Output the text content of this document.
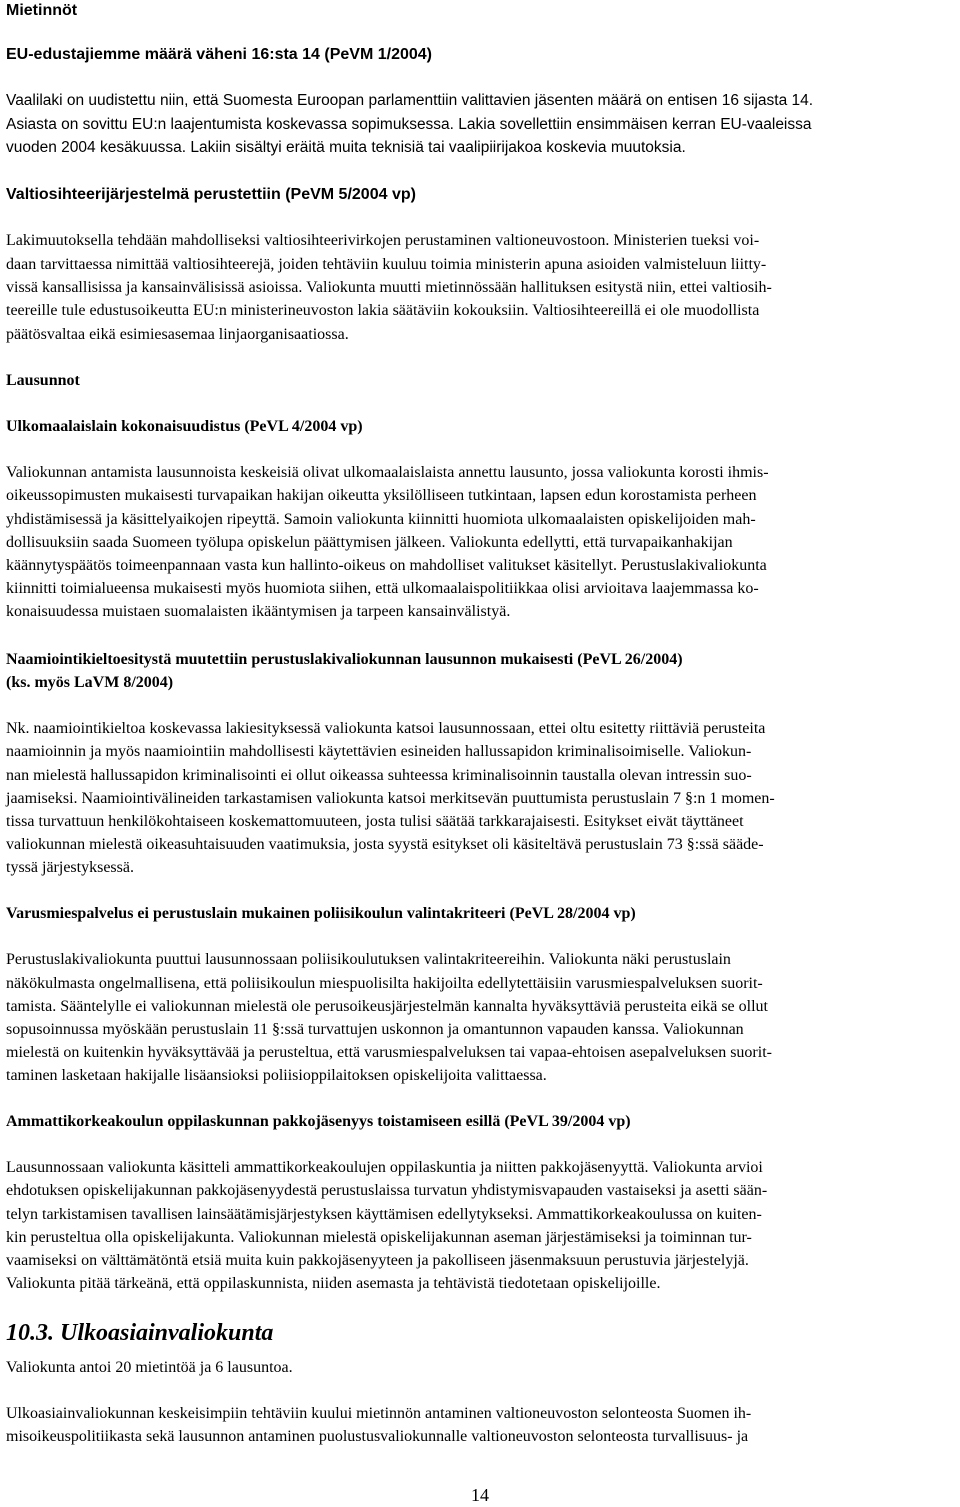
Mietinnöt
EU-edustajiemme määrä väheni 16:sta 14 (PeVM 1/2004)
Vaalilaki on uudistettu niin, että Suomesta Euroopan parlamenttiin valittavien jäsenten määrä on entisen 16 sijasta 14.
Asiasta on sovittu EU:n laajentumista koskevassa sopimuksessa. Lakia sovellettiin ensimmäisen kerran EU-vaaleissa
vuoden 2004 kesäkuussa. Lakiin sisältyi eräitä muita teknisiä tai vaalipiirijakoa koskevia muutoksia.
Valtiosihteerijärjestelmä perustettiin (PeVM 5/2004 vp)
Lakimuutoksella tehdään mahdolliseksi valtiosihteerivirkojen perustaminen valtioneuvostoon. Ministerien tueksi voi-
daan tarvittaessa nimittää valtiosihteerejä, joiden tehtäviin kuuluu toimia ministerin apuna asioiden valmisteluun liitty-
vissä kansallisissa ja kansainvälisissä asioissa. Valiokunta muutti mietinnössään hallituksen esitystä niin, ettei valtiosih-
teereille tule edustusoikeutta EU:n ministerineuvoston lakia säätäviin kokouksiin. Valtiosihteereillä ei ole muodollista
päätösvaltaa eikä esimiesasemaa linjaorganisaatiossa.
Lausunnot
Ulkomaalaislain kokonaisuudistus (PeVL 4/2004 vp)
Valiokunnan antamista lausunnoista keskeisiä olivat ulkomaalaislaista annettu lausunto, jossa valiokunta korosti ihmis-
oikeussopimusten mukaisesti turvapaikan hakijan oikeutta yksilölliseen tutkintaan, lapsen edun korostamista perheen
yhdistämisessä ja käsittelyaikojen ripeyttä. Samoin valiokunta kiinnitti huomiota ulkomaalaisten opiskelijoiden mah-
dollisuuksiin saada Suomeen työlupa opiskelun päättymisen jälkeen. Valiokunta edellytti, että turvapaikanhakijan
käännytyspäätös toimeenpannaan vasta kun hallinto-oikeus on mahdolliset valitukset käsitellyt. Perustuslakivaliokunta
kiinnitti toimialueensa mukaisesti myös huomiota siihen, että ulkomaalaispolitiikkaa olisi arvioitava laajemmassa ko-
konaisuudessa muistaen suomalaisten ikääntymisen ja tarpeen kansainvälistyä.
Naamiointikieltoesitystä muutettiin perustuslakivaliokunnan lausunnon mukaisesti (PeVL 26/2004)
(ks. myös LaVM 8/2004)
Nk. naamiointikieltoa koskevassa lakiesityksessä valiokunta katsoi lausunnossaan, ettei oltu esitetty riittäviä perusteita
naamioinnin ja myös naamiointiin mahdollisesti käytettävien esineiden hallussapidon kriminalisoimiselle. Valiokun-
nan mielestä hallussapidon kriminalisointi ei ollut oikeassa suhteessa kriminalisoinnin taustalla olevan intressin suo-
jaamiseksi. Naamiointivälineiden tarkastamisen valiokunta katsoi merkitsevän puuttumista perustuslain 7 §:n 1 momen-
tissa turvattuun henkilökohtaiseen koskemattomuuteen, josta tulisi säätää tarkkarajaisesti. Esitykset eivät täyttäneet
valiokunnan mielestä oikeasuhtaisuuden vaatimuksia, josta syystä esitykset oli käsiteltävä perustuslain 73 §:ssä sääde-
tyssä järjestyksessä.
Varusmiespalvelus ei perustuslain mukainen poliisikoulun valintakriteeri (PeVL 28/2004 vp)
Perustuslakivaliokunta puuttui lausunnossaan poliisikoulutuksen valintakriteereihin. Valiokunta näki perustuslain
näkökulmasta ongelmallisena, että poliisikoulun miespuolisilta hakijoilta edellytettäisiin varusmiespalveluksen suorit-
tamista. Sääntelylle ei valiokunnan mielestä ole perusoikeusjärjestelmän kannalta hyväksyttäviä perusteita eikä se ollut
sopusoinnussa myöskään perustuslain 11 §:ssä turvattujen uskonnon ja omantunnon vapauden kanssa. Valiokunnan
mielestä on kuitenkin hyväksyttävää ja perusteltua, että varusmiespalveluksen tai vapaa-ehtoisen asepalveluksen suorit-
taminen lasketaan hakijalle lisäansioksi poliisioppilaitoksen opiskelijoita valittaessa.
Ammattikorkeakoulun oppilaskunnan pakkojäsenyys toistamiseen esillä (PeVL 39/2004 vp)
Lausunnossaan valiokunta käsitteli ammattikorkeakoulujen oppilaskuntia ja niitten pakkojäsenyyttä. Valiokunta arvioi
ehdotuksen opiskelijakunnan pakkojäsenyydestä perustuslaissa turvatun yhdistymisvapauden vastaiseksi ja asetti sään-
telyn tarkistamisen tavallisen lainsäätämisjärjestyksen käyttämisen edellytykseksi. Ammattikorkeakoulussa on kuiten-
kin perusteltua olla opiskelijakunta. Valiokunnan mielestä opiskelijakunnan aseman järjestämiseksi ja toiminnan tur-
vaamiseksi on välttämätöntä etsiä muita kuin pakkojäsenyyteen ja pakolliseen jäsenmaksuun perustuvia järjestelyjä.
Valiokunta pitää tärkeänä, että oppilaskunnista, niiden asemasta ja tehtävistä tiedotetaan opiskelijoille.
10.3. Ulkoasiainvaliokunta
Valiokunta antoi 20 mietintöä ja 6 lausuntoa.
Ulkoasiainvaliokunnan keskeisimpiin tehtäviin kuului mietinnön antaminen valtioneuvoston selonteosta Suomen ih-
misoikeuspolitiikasta sekä lausunnon antaminen puolustusvaliokunnalle valtioneuvoston selonteosta turvallisuus- ja
14
